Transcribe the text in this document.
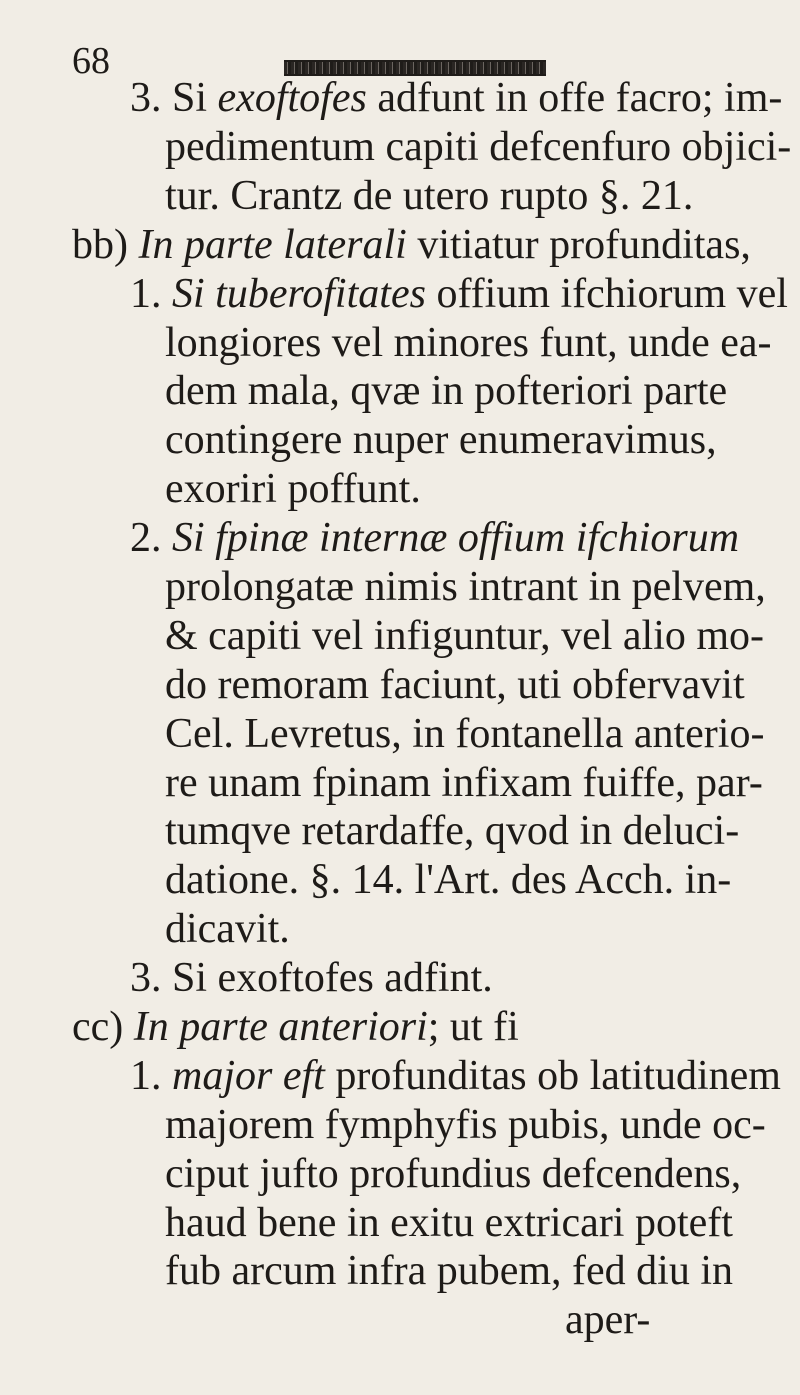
68
3. Si exoftofes adfunt in offe facro; im-
pedimentum capiti defcenfuro objici-
tur. Crantz de utero rupto §. 21.
bb) In parte laterali vitiatur profunditas,
1. Si tuberofitates offium ifchiorum vel
longiores vel minores funt, unde ea-
dem mala, qvæ in pofteriori parte
contingere nuper enumeravimus,
exoriri poffunt.
2. Si fpinæ internæ offium ifchiorum
prolongatæ nimis intrant in pelvem,
& capiti vel infiguntur, vel alio mo-
do remoram faciunt, uti obfervavit
Cel. Levretus, in fontanella anterio-
re unam fpinam infixam fuiffe, par-
tumqve retardaffe, qvod in deluci-
datione. §. 14. l'Art. des Acch. in-
dicavit.
3. Si exoftofes adfint.
cc) In parte anteriori; ut fi
1. major eft profunditas ob latitudinem
majorem fymphyfis pubis, unde oc-
ciput jufto profundius defcendens,
haud bene in exitu extricari poteft
fub arcum infra pubem, fed diu in
aper-
